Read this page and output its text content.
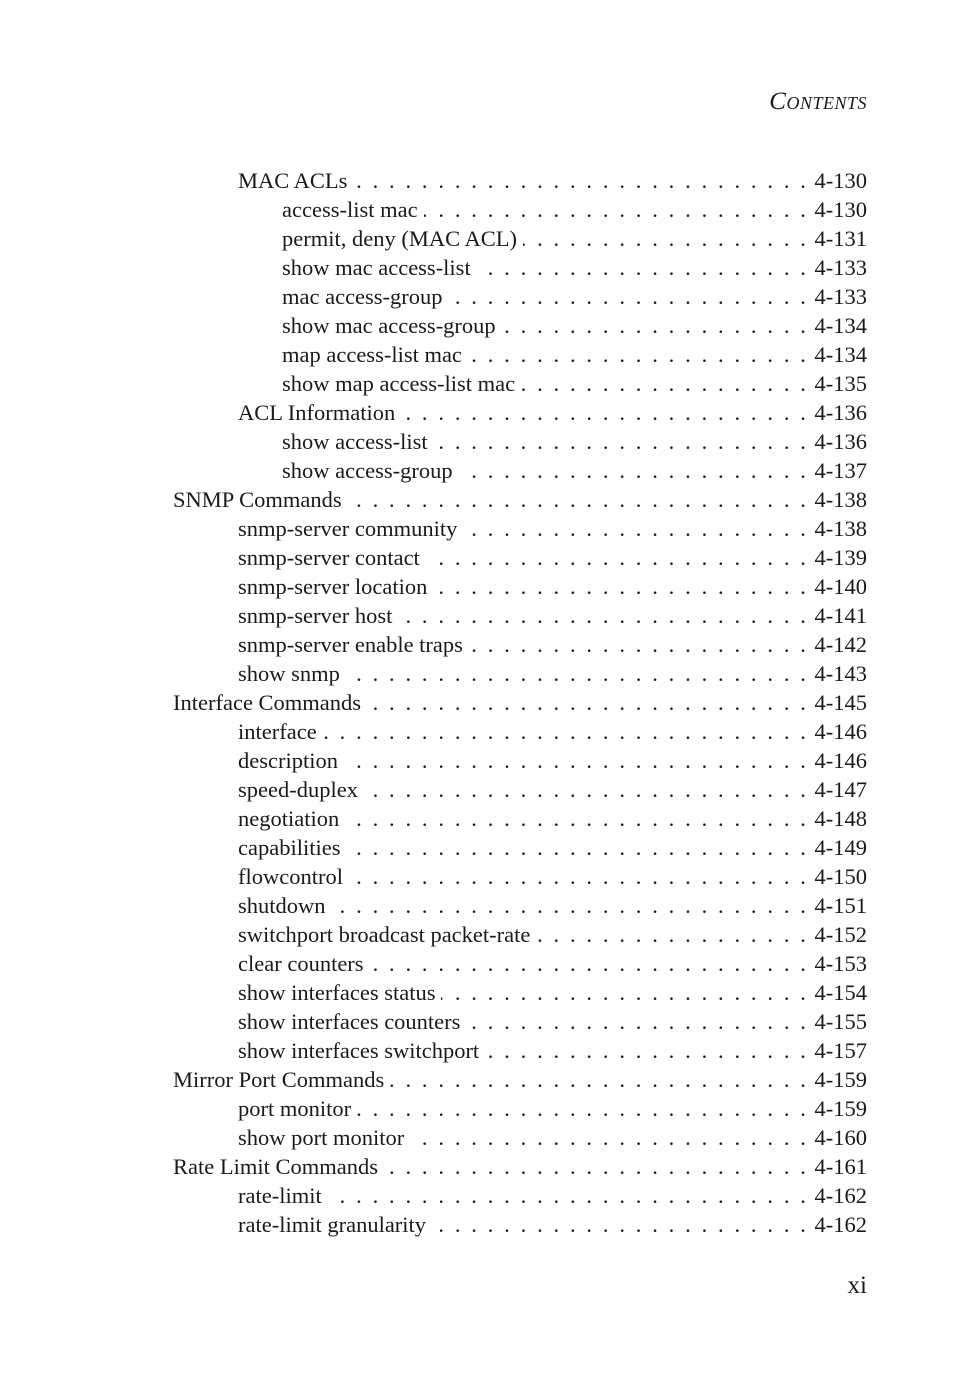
Contents
MAC ACLs . . .	4-130
access-list mac . . .	4-130
permit, deny (MAC ACL) . . .	4-131
show mac access-list . . .	4-133
mac access-group . . .	4-133
show mac access-group . . .	4-134
map access-list mac . . .	4-134
show map access-list mac . . .	4-135
ACL Information . . .	4-136
show access-list . . .	4-136
show access-group . . .	4-137
SNMP Commands . . .	4-138
snmp-server community . . .	4-138
snmp-server contact . . .	4-139
snmp-server location . . .	4-140
snmp-server host . . .	4-141
snmp-server enable traps . . .	4-142
show snmp . . .	4-143
Interface Commands . . .	4-145
interface . . .	4-146
description . . .	4-146
speed-duplex . . .	4-147
negotiation . . .	4-148
capabilities . . .	4-149
flowcontrol . . .	4-150
shutdown . . .	4-151
switchport broadcast packet-rate . . .	4-152
clear counters . . .	4-153
show interfaces status . . .	4-154
show interfaces counters . . .	4-155
show interfaces switchport . . .	4-157
Mirror Port Commands . . .	4-159
port monitor . . .	4-159
show port monitor . . .	4-160
Rate Limit Commands . . .	4-161
rate-limit . . .	4-162
rate-limit granularity . . .	4-162
xi
